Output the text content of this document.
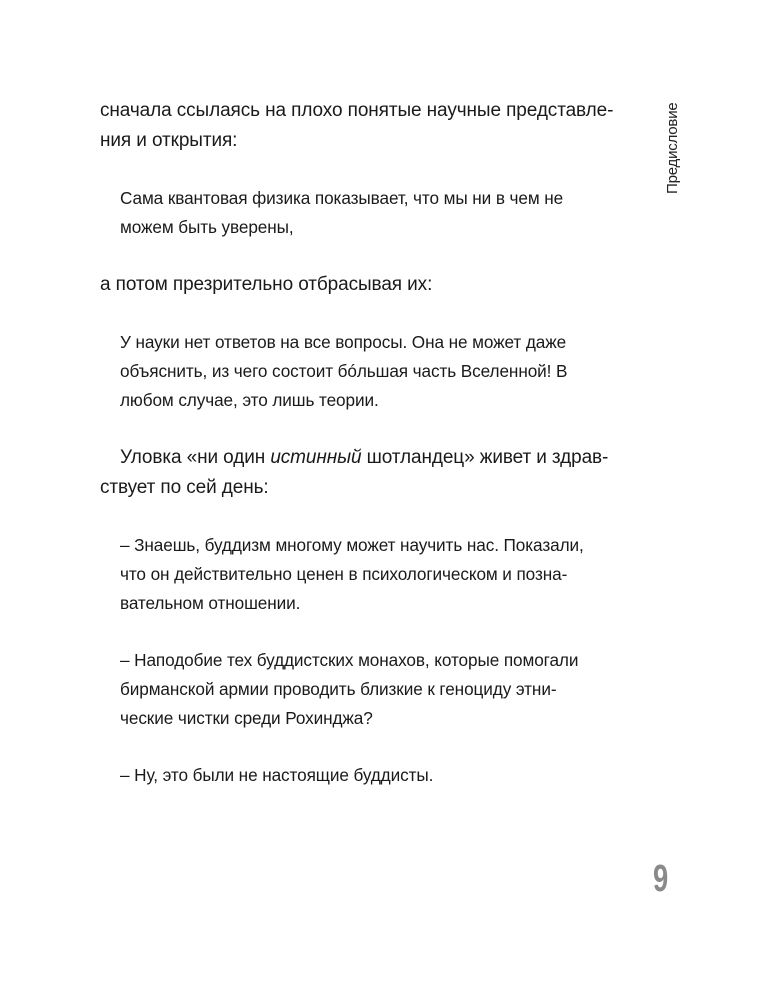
Предисловие
сначала ссылаясь на плохо понятые научные представле-
ния и открытия:
Сама квантовая физика показывает, что мы ни в чем не
можем быть уверены,
а потом презрительно отбрасывая их:
У науки нет ответов на все вопросы. Она не может даже
объяснить, из чего состоит бóльшая часть Вселенной! В
любом случае, это лишь теории.
Уловка «ни один истинный шотландец» живет и здрав-
ствует по сей день:
– Знаешь, буддизм многому может научить нас. Показали,
что он действительно ценен в психологическом и позна-
вательном отношении.
– Наподобие тех буддистских монахов, которые помогали
бирманской армии проводить близкие к геноциду этни-
ческие чистки среди Рохинджа?
– Ну, это были не настоящие буддисты.
9
